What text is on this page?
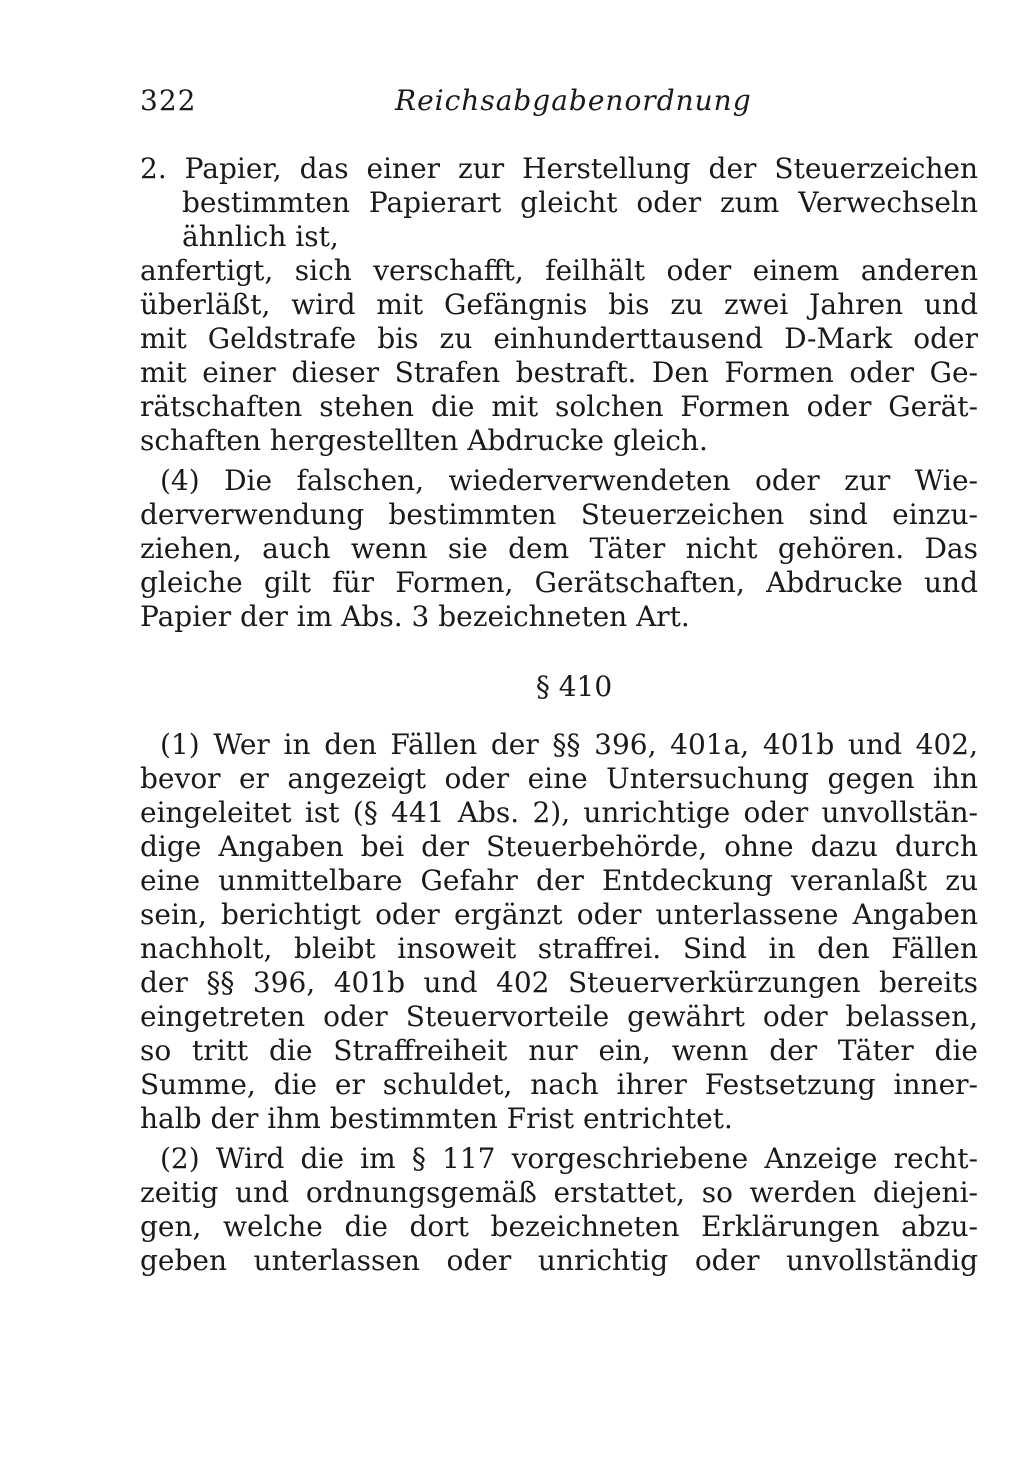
322	Reichsabgabenordnung
2. Papier, das einer zur Herstellung der Steuerzeichen
bestimmten Papierart gleicht oder zum Verwechseln
ähnlich ist,
anfertigt, sich verschafft, feilhält oder einem anderen
überläßt, wird mit Gefängnis bis zu zwei Jahren und
mit Geldstrafe bis zu einhunderttausend D-Mark oder
mit einer dieser Strafen bestraft. Den Formen oder Ge-
rätschaften stehen die mit solchen Formen oder Gerät-
schaften hergestellten Abdrucke gleich.
(4) Die falschen, wiederverwendeten oder zur Wie-
derverwendung bestimmten Steuerzeichen sind einzu-
ziehen, auch wenn sie dem Täter nicht gehören. Das
gleiche gilt für Formen, Gerätschaften, Abdrucke und
Papier der im Abs. 3 bezeichneten Art.
§ 410
(1) Wer in den Fällen der §§ 396, 401a, 401b und 402,
bevor er angezeigt oder eine Untersuchung gegen ihn
eingeleitet ist (§ 441 Abs. 2), unrichtige oder unvollstän-
dige Angaben bei der Steuerbehörde, ohne dazu durch
eine unmittelbare Gefahr der Entdeckung veranlaßt zu
sein, berichtigt oder ergänzt oder unterlassene Angaben
nachholt, bleibt insoweit straffrei. Sind in den Fällen
der §§ 396, 401b und 402 Steuerverkürzungen bereits
eingetreten oder Steuervorteile gewährt oder belassen,
so tritt die Straffreiheit nur ein, wenn der Täter die
Summe, die er schuldet, nach ihrer Festsetzung inner-
halb der ihm bestimmten Frist entrichtet.
(2) Wird die im § 117 vorgeschriebene Anzeige recht-
zeitig und ordnungsgemäß erstattet, so werden diejeni-
gen, welche die dort bezeichneten Erklärungen abzu-
geben unterlassen oder unrichtig oder unvollständig
